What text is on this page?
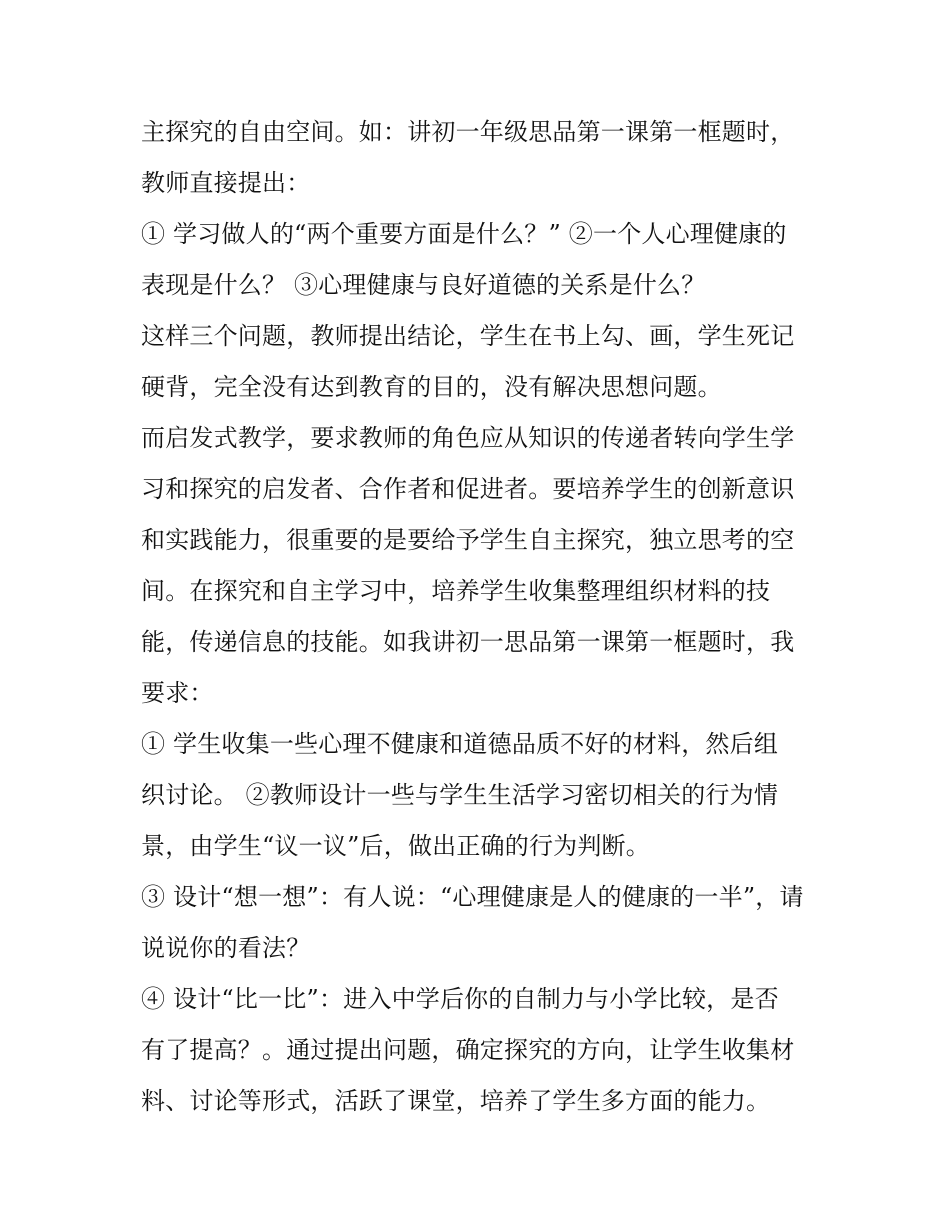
主探究的自由空间。如：讲初一年级思品第一课第一框题时，
教师直接提出：
① 学习做人的“两个重要方面是什么？” ②一个人心理健康的
表现是什么？ ③心理健康与良好道德的关系是什么？
这样三个问题，教师提出结论，学生在书上勾、画，学生死记
硬背，完全没有达到教育的目的，没有解决思想问题。
而启发式教学，要求教师的角色应从知识的传递者转向学生学
习和探究的启发者、合作者和促进者。要培养学生的创新意识
和实践能力，很重要的是要给予学生自主探究，独立思考的空
间。在探究和自主学习中，培养学生收集整理组织材料的技
能，传递信息的技能。如我讲初一思品第一课第一框题时，我
要求：
① 学生收集一些心理不健康和道德品质不好的材料，然后组
织讨论。 ②教师设计一些与学生生活学习密切相关的行为情
景，由学生“议一议”后，做出正确的行为判断。
③ 设计“想一想”：有人说：“心理健康是人的健康的一半”，请
说说你的看法？
④ 设计“比一比”：进入中学后你的自制力与小学比较，是否
有了提高？。通过提出问题，确定探究的方向，让学生收集材
料、讨论等形式，活跃了课堂，培养了学生多方面的能力。
